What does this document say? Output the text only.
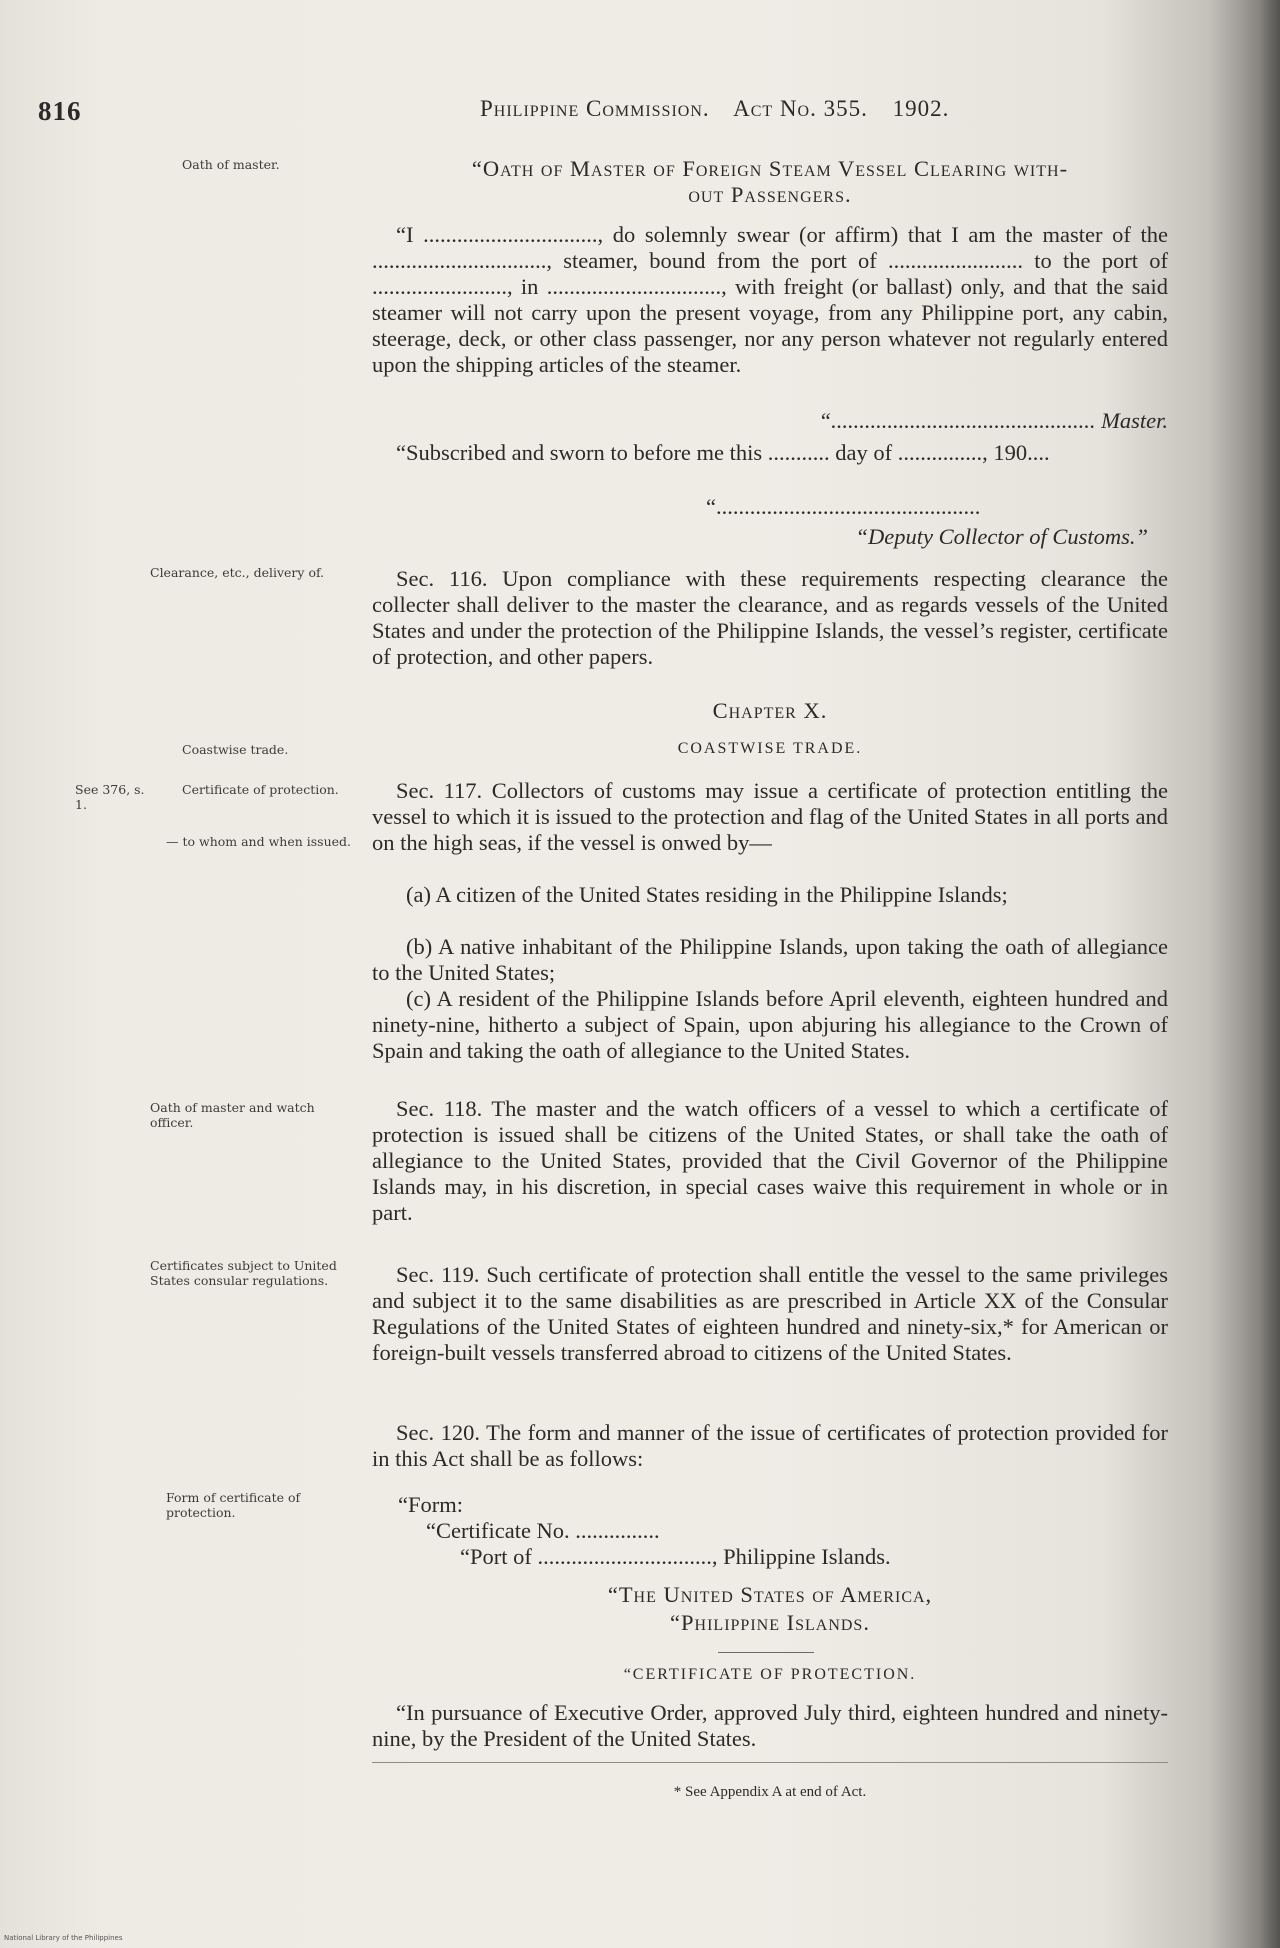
816	Philippine Commission. Act No. 355. 1902.
Oath of master.
Clearance, etc., delivery of.
Coastwise trade.
See 376, s. 1.
Certificate of protection.
— to whom and when issued.
Oath of master and watch officer.
Certificates subject to United States consular regulations.
Form of certificate of protection.
“Oath of Master of Foreign Steam Vessel Clearing with-
out Passengers.
“I ..............................., do solemnly swear (or affirm) that I am the master of the ..............................., steamer, bound from the port of ........................ to the port of ........................, in ..............................., with freight (or ballast) only, and that the said steamer will not carry upon the present voyage, from any Philippine port, any cabin, steerage, deck, or other class passenger, nor any person whatever not regularly entered upon the shipping articles of the steamer.
“............................................... Master.
“Subscribed and sworn to before me this ........... day of ..............., 190....
“...............................................
“Deputy Collector of Customs.”
Sec. 116. Upon compliance with these requirements respecting clearance the collecter shall deliver to the master the clearance, and as regards vessels of the United States and under the protection of the Philippine Islands, the vessel’s register, certificate of protection, and other papers.
Chapter X.
COASTWISE TRADE.
Sec. 117. Collectors of customs may issue a certificate of protection entitling the vessel to which it is issued to the protection and flag of the United States in all ports and on the high seas, if the vessel is onwed by—
(a) A citizen of the United States residing in the Philippine Islands;
(b) A native inhabitant of the Philippine Islands, upon taking the oath of allegiance to the United States;
(c) A resident of the Philippine Islands before April eleventh, eighteen hundred and ninety-nine, hitherto a subject of Spain, upon abjuring his allegiance to the Crown of Spain and taking the oath of allegiance to the United States.
Sec. 118. The master and the watch officers of a vessel to which a certificate of protection is issued shall be citizens of the United States, or shall take the oath of allegiance to the United States, provided that the Civil Governor of the Philippine Islands may, in his discretion, in special cases waive this requirement in whole or in part.
Sec. 119. Such certificate of protection shall entitle the vessel to the same privileges and subject it to the same disabilities as are prescribed in Article XX of the Consular Regulations of the United States of eighteen hundred and ninety-six,* for American or foreign-built vessels transferred abroad to citizens of the United States.
Sec. 120. The form and manner of the issue of certificates of protection provided for in this Act shall be as follows:
“Form:
“Certificate No. ...............
“Port of ..............................., Philippine Islands.
“The United States of America,
“Philippine Islands.
“CERTIFICATE OF PROTECTION.
“In pursuance of Executive Order, approved July third, eighteen hundred and ninety-nine, by the President of the United States.
* See Appendix A at end of Act.
National Library of the Philippines
